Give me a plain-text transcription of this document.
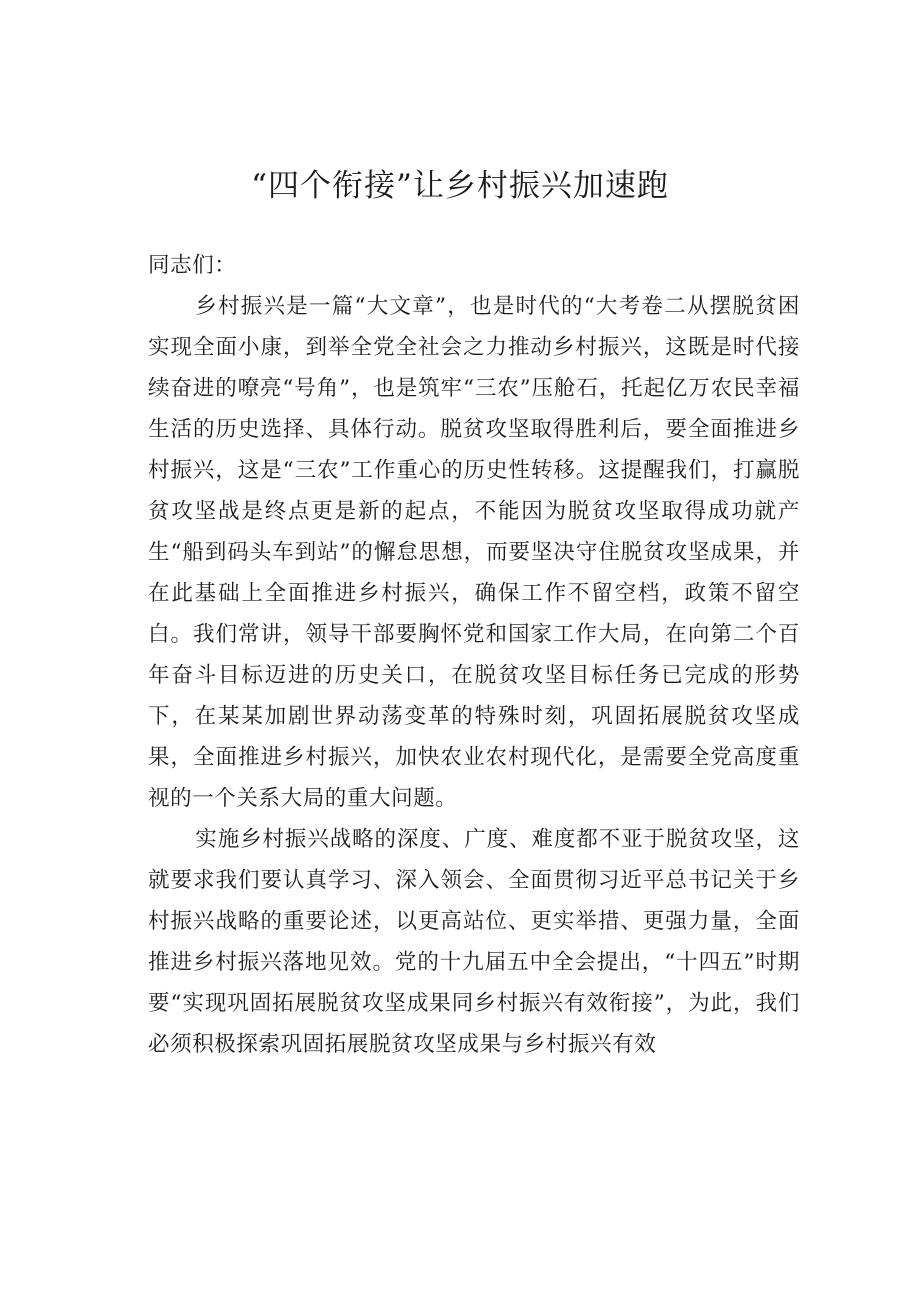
“四个衔接”让乡村振兴加速跑

同志们：

乡村振兴是一篇“大文章”，也是时代的“大考卷二从摆脱贫困实现全面小康，到举全党全社会之力推动乡村振兴，这既是时代接续奋进的嘹亮“号角”，也是筑牢“三农”压舱石，托起亿万农民幸福生活的历史选择、具体行动。脱贫攻坚取得胜利后，要全面推进乡村振兴，这是“三农”工作重心的历史性转移。这提醒我们，打赢脱贫攻坚战是终点更是新的起点，不能因为脱贫攻坚取得成功就产生“船到码头车到站”的懈怠思想，而要坚决守住脱贫攻坚成果，并在此基础上全面推进乡村振兴，确保工作不留空档，政策不留空白。我们常讲，领导干部要胸怀党和国家工作大局，在向第二个百年奋斗目标迈进的历史关口，在脱贫攻坚目标任务已完成的形势下，在某某加剧世界动荡变革的特殊时刻，巩固拓展脱贫攻坚成果，全面推进乡村振兴，加快农业农村现代化，是需要全党高度重视的一个关系大局的重大问题。

实施乡村振兴战略的深度、广度、难度都不亚于脱贫攻坚，这就要求我们要认真学习、深入领会、全面贯彻习近平总书记关于乡村振兴战略的重要论述，以更高站位、更实举措、更强力量，全面推进乡村振兴落地见效。党的十九届五中全会提出，“十四五”时期要“实现巩固拓展脱贫攻坚成果同乡村振兴有效衔接”，为此，我们必须积极探索巩固拓展脱贫攻坚成果与乡村振兴有效
